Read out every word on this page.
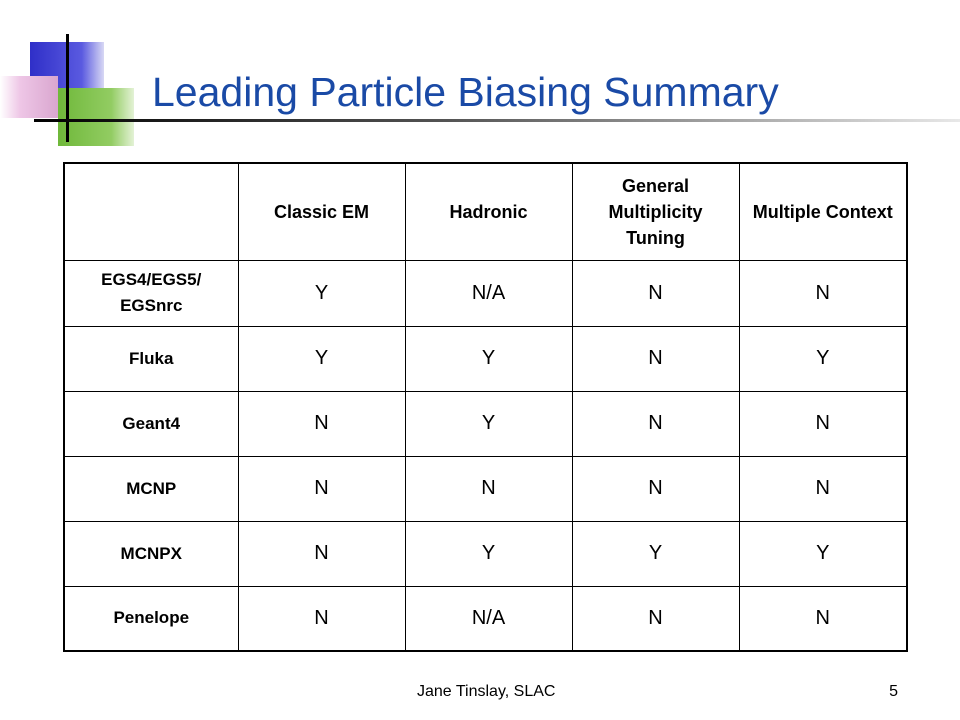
Leading Particle Biasing Summary
	Classic EM	Hadronic	General Multiplicity Tuning	Multiple Context
EGS4/EGS5/ EGSnrc	Y	N/A	N	N
Fluka	Y	Y	N	Y
Geant4	N	Y	N	N
MCNP	N	N	N	N
MCNPX	N	Y	Y	Y
Penelope	N	N/A	N	N
Jane Tinslay, SLAC	5
